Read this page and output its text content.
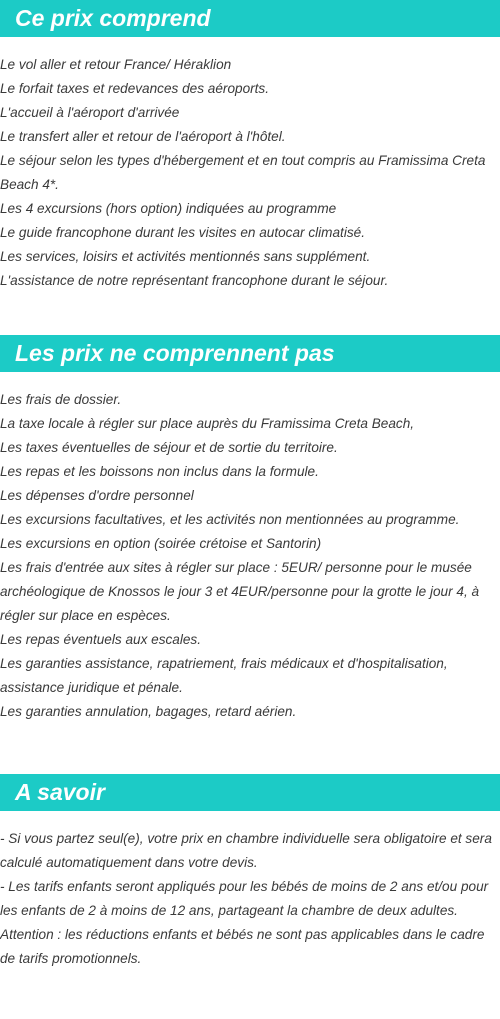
Ce prix comprend
Le vol aller et retour France/ Héraklion
Le forfait taxes et redevances des aéroports.
L'accueil à l'aéroport d'arrivée
Le transfert aller et retour de l'aéroport à l'hôtel.
Le séjour selon les types d'hébergement et en tout compris au Framissima Creta Beach 4*.
Les 4 excursions (hors option) indiquées au programme
Le guide francophone durant les visites en autocar climatisé.
Les services, loisirs et activités mentionnés sans supplément.
L'assistance de notre représentant francophone durant le séjour.
Les prix ne comprennent pas
Les frais de dossier.
La taxe locale à régler sur place auprès du Framissima Creta Beach,
Les taxes éventuelles de séjour et de sortie du territoire.
Les repas et les boissons non inclus dans la formule.
Les dépenses d'ordre personnel
Les excursions facultatives, et les activités non mentionnées au programme.
Les excursions en option (soirée crétoise et Santorin)
Les frais d'entrée aux sites à régler sur place : 5EUR/ personne pour le musée archéologique de Knossos le jour 3 et 4EUR/personne pour la grotte le jour 4, à régler sur place en espèces.
Les repas éventuels aux escales.
Les garanties assistance, rapatriement, frais médicaux et d'hospitalisation, assistance juridique et pénale.
Les garanties annulation, bagages, retard aérien.
A savoir
- Si vous partez seul(e), votre prix en chambre individuelle sera obligatoire et sera calculé automatiquement dans votre devis.
- Les tarifs enfants seront appliqués pour les bébés de moins de 2 ans et/ou pour les enfants de 2 à moins de 12 ans, partageant la chambre de deux adultes.
Attention : les réductions enfants et bébés ne sont pas applicables dans le cadre de tarifs promotionnels.
